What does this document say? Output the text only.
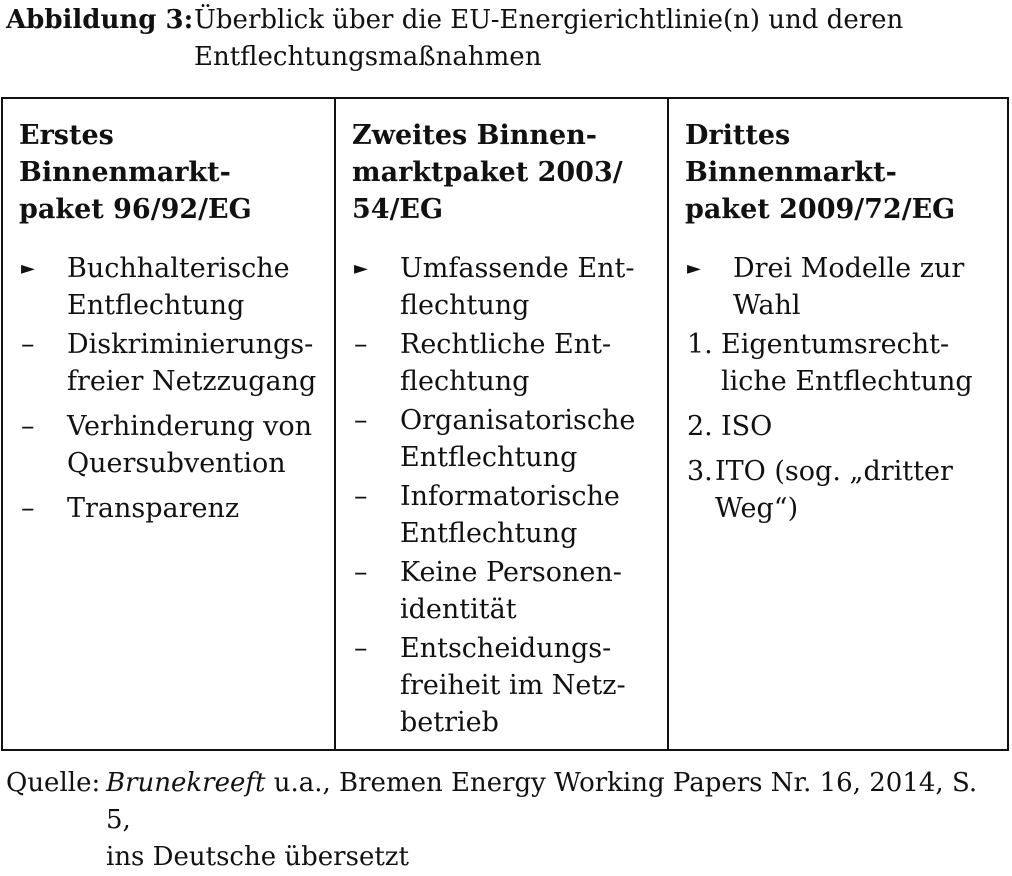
Abbildung 3: Überblick über die EU-Energierichtlinie(n) und deren
Entflechtungsmaßnahmen
Erstes Binnenmarkt-
paket 96/92/EG
► Buchhalterische
Entflechtung
– Diskriminierungs-
freier Netzzugang
– Verhinderung von
Quersubvention
– Transparenz
Zweites Binnen-
marktpaket 2003/
54/EG
► Umfassende Ent-
flechtung
– Rechtliche Ent-
flechtung
– Organisatorische
Entflechtung
– Informatorische
Entflechtung
– Keine Personen-
identität
– Entscheidungs-
freiheit im Netz-
betrieb
Drittes Binnenmarkt-
paket 2009/72/EG
► Drei Modelle zur
Wahl
1. Eigentumsrecht-
liche Entflechtung
2. ISO
3. ITO (sog. „dritter
Weg“)
Quelle: Brunekreeft u.a., Bremen Energy Working Papers Nr. 16, 2014, S. 5,
ins Deutsche übersetzt
